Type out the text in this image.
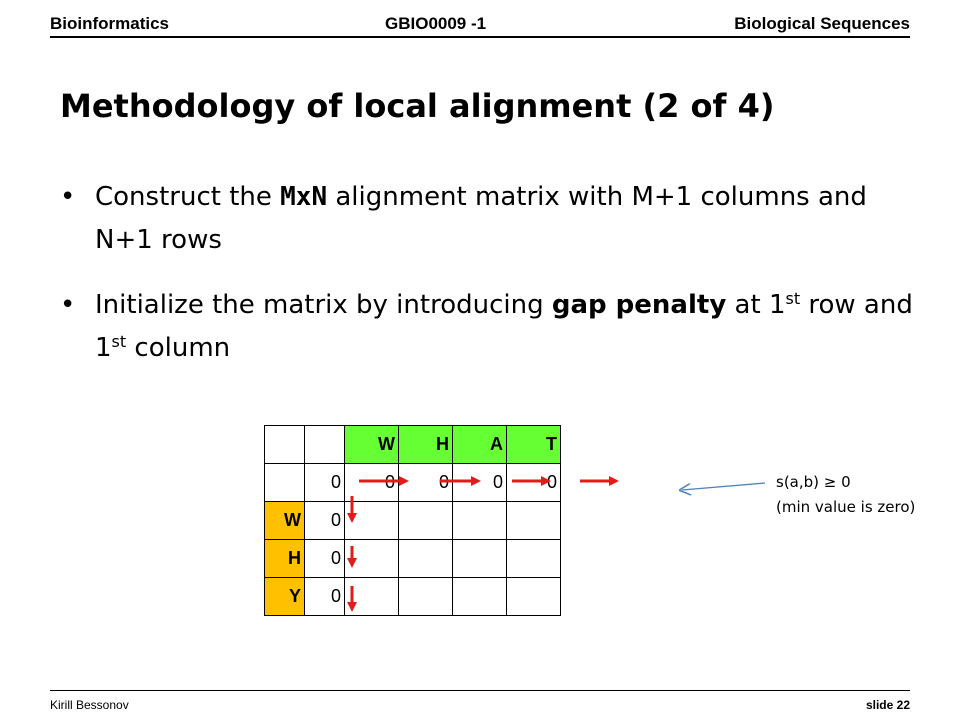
Bioinformatics	GBIO0009 -1	Biological Sequences
Methodology of local alignment (2 of 4)
• Construct the MxN alignment matrix with M+1 columns and N+1 rows
• Initialize the matrix by introducing gap penalty at 1st row and 1st column
		W	H	A	T
	0	0	0	0	0
W	0				
H	0				
Y	0				
s(a,b) ≥ 0
(min value is zero)
Kirill Bessonov	slide 22
